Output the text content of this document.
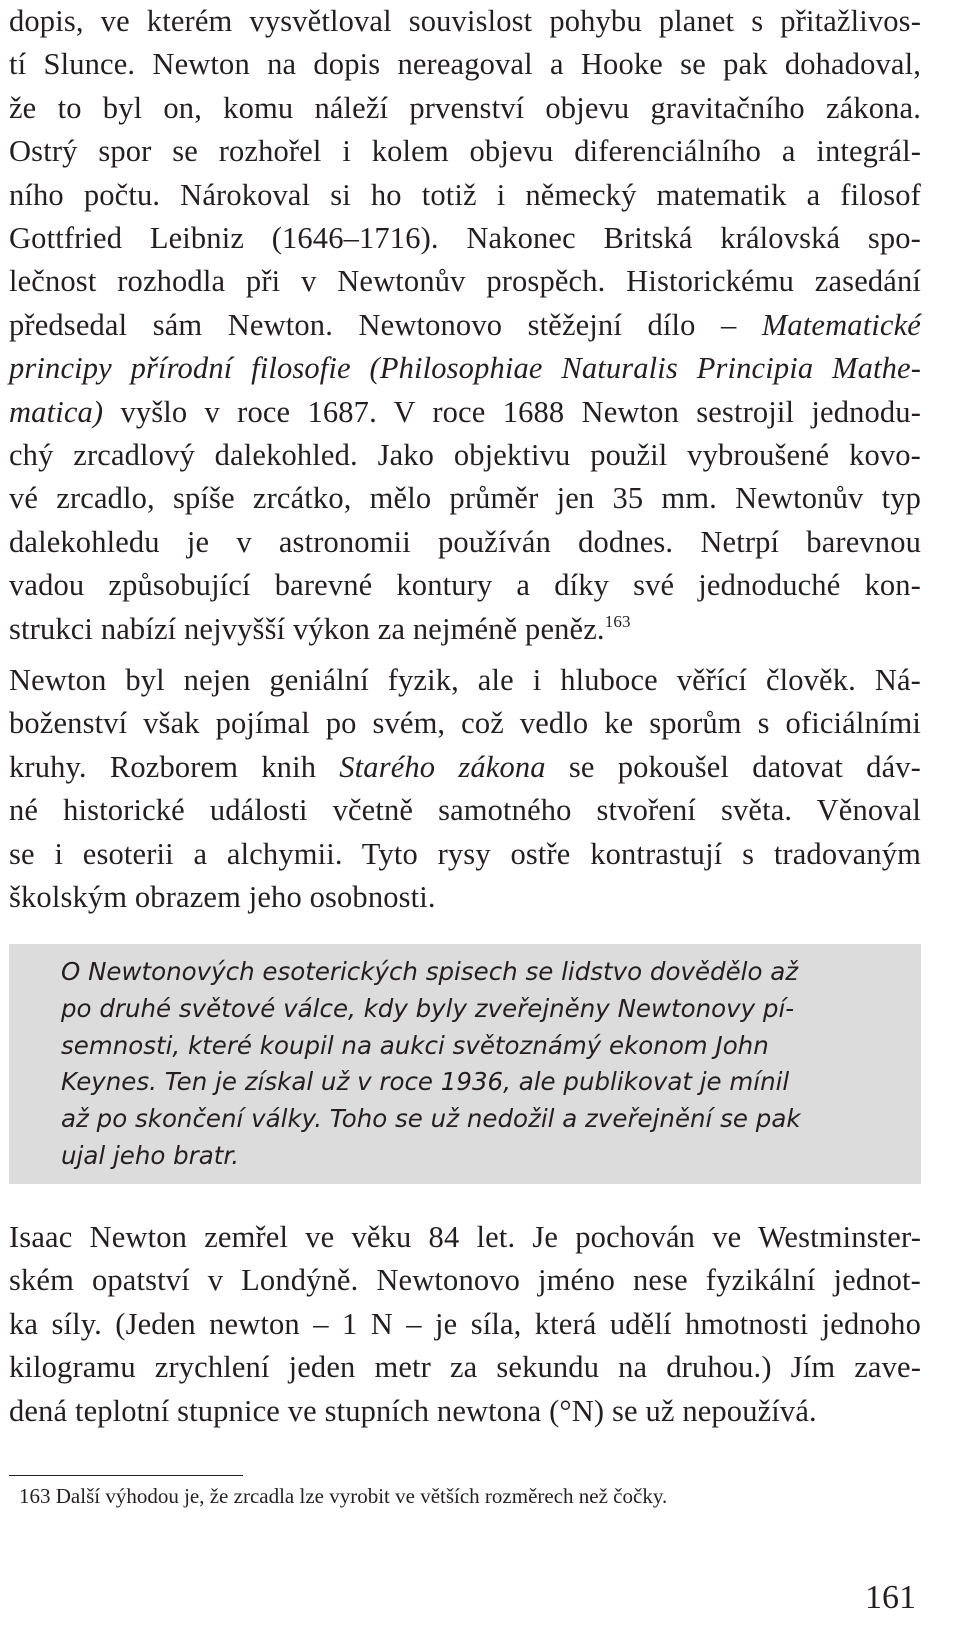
dopis, ve kterém vysvětloval souvislost pohybu planet s přitažlivos-
tí Slunce. Newton na dopis nereagoval a Hooke se pak dohadoval,
že to byl on, komu náleží prvenství objevu gravitačního zákona.
Ostrý spor se rozhořel i kolem objevu diferenciálního a integrál-
ního počtu. Nárokoval si ho totiž i německý matematik a filosof
Gottfried Leibniz (1646–1716). Nakonec Britská královská spo-
lečnost rozhodla při v Newtonův prospěch. Historickému zasedání
předsedal sám Newton. Newtonovo stěžejní dílo – Matematické
principy přírodní filosofie (Philosophiae Naturalis Principia Mathe-
matica) vyšlo v roce 1687. V roce 1688 Newton sestrojil jednodu-
chý zrcadlový dalekohled. Jako objektivu použil vybroušené kovo-
vé zrcadlo, spíše zrcátko, mělo průměr jen 35 mm. Newtonův typ
dalekohledu je v astronomii používán dodnes. Netrpí barevnou
vadou způsobující barevné kontury a díky své jednoduché kon-
strukci nabízí nejvyšší výkon za nejméně peněz.$^{163}$

Newton byl nejen geniální fyzik, ale i hluboce věřící člověk. Ná-
boženství však pojímal po svém, což vedlo ke sporům s oficiálními
kruhy. Rozborem knih Starého zákona se pokoušel datovat dáv-
né historické události včetně samotného stvoření světa. Věnoval
se i esoterii a alchymii. Tyto rysy ostře kontrastují s tradovaným
školským obrazem jeho osobnosti.

O Newtonových esoterických spisech se lidstvo dovědělo až
po druhé světové válce, kdy byly zveřejněny Newtonovy pí-
semnosti, které koupil na aukci světoznámý ekonom John
Keynes. Ten je získal už v roce 1936, ale publikovat je mínil
až po skončení války. Toho se už nedožil a zveřejnění se pak
ujal jeho bratr.

Isaac Newton zemřel ve věku 84 let. Je pochován ve Westminster-
ském opatství v Londýně. Newtonovo jméno nese fyzikální jednot-
ka síly. (Jeden newton – 1 N – je síla, která udělí hmotnosti jednoho
kilogramu zrychlení jeden metr za sekundu na druhou.) Jím zave-
dená teplotní stupnice ve stupních newtona (°N) se už nepoužívá.

163 Další výhodou je, že zrcadla lze vyrobit ve větších rozměrech než čočky.

161
